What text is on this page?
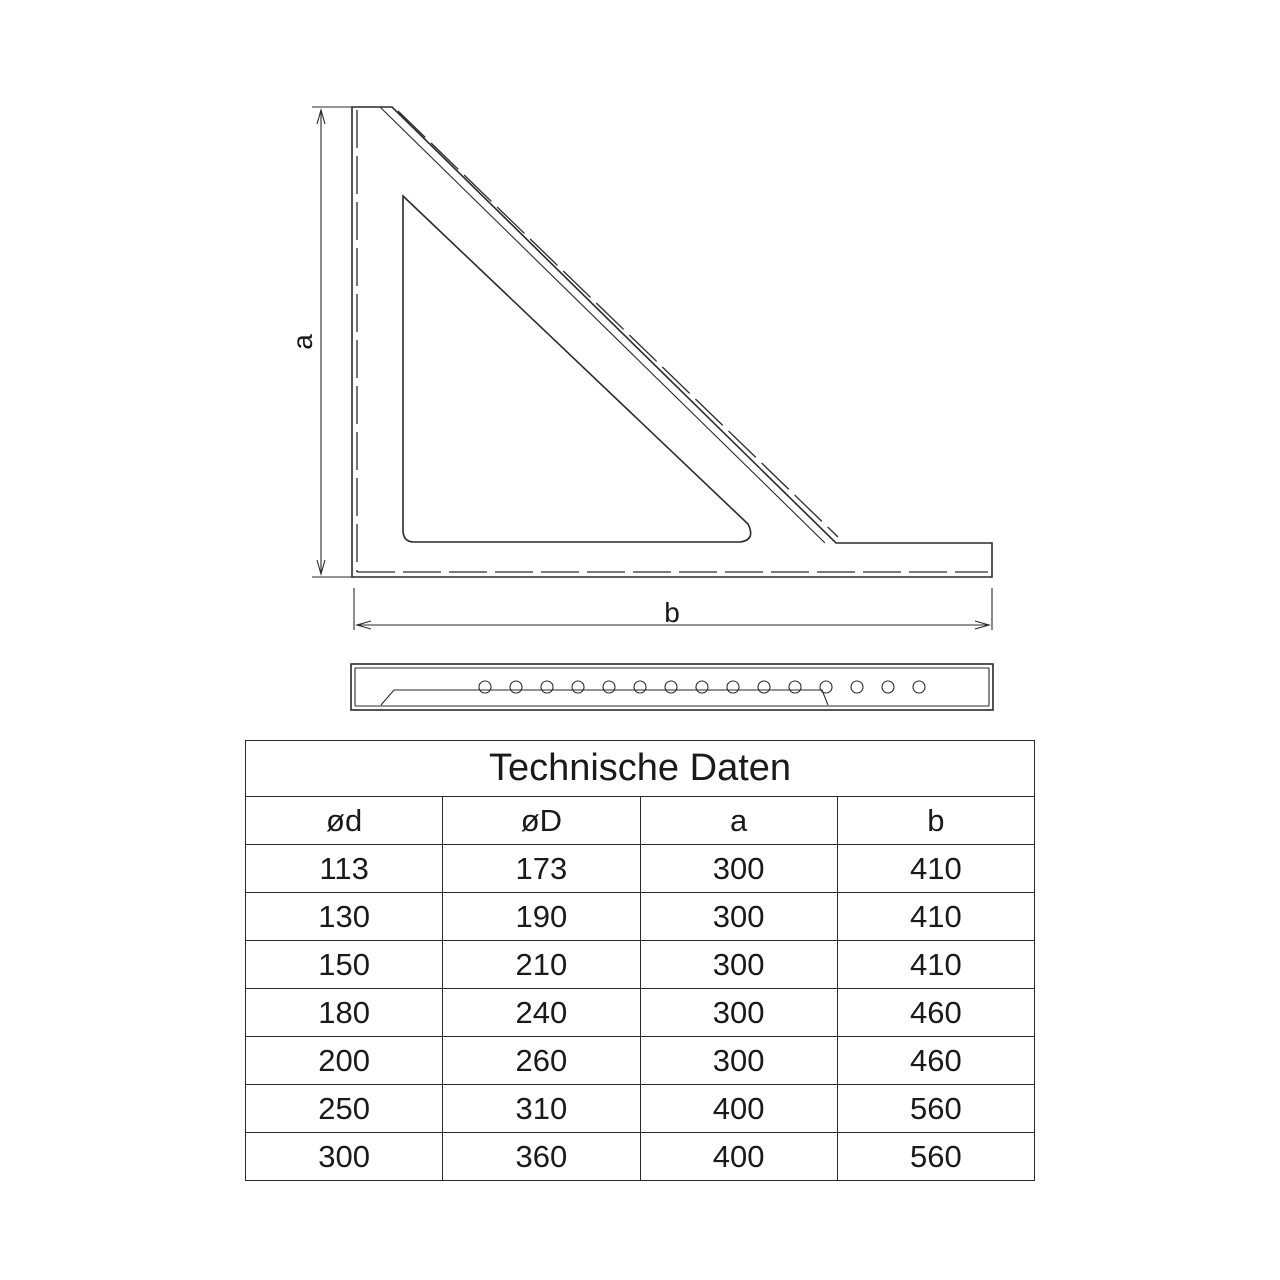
a
b
Technische Daten			
ød	øD	a	b
113	173	300	410
130	190	300	410
150	210	300	410
180	240	300	460
200	260	300	460
250	310	400	560
300	360	400	560
